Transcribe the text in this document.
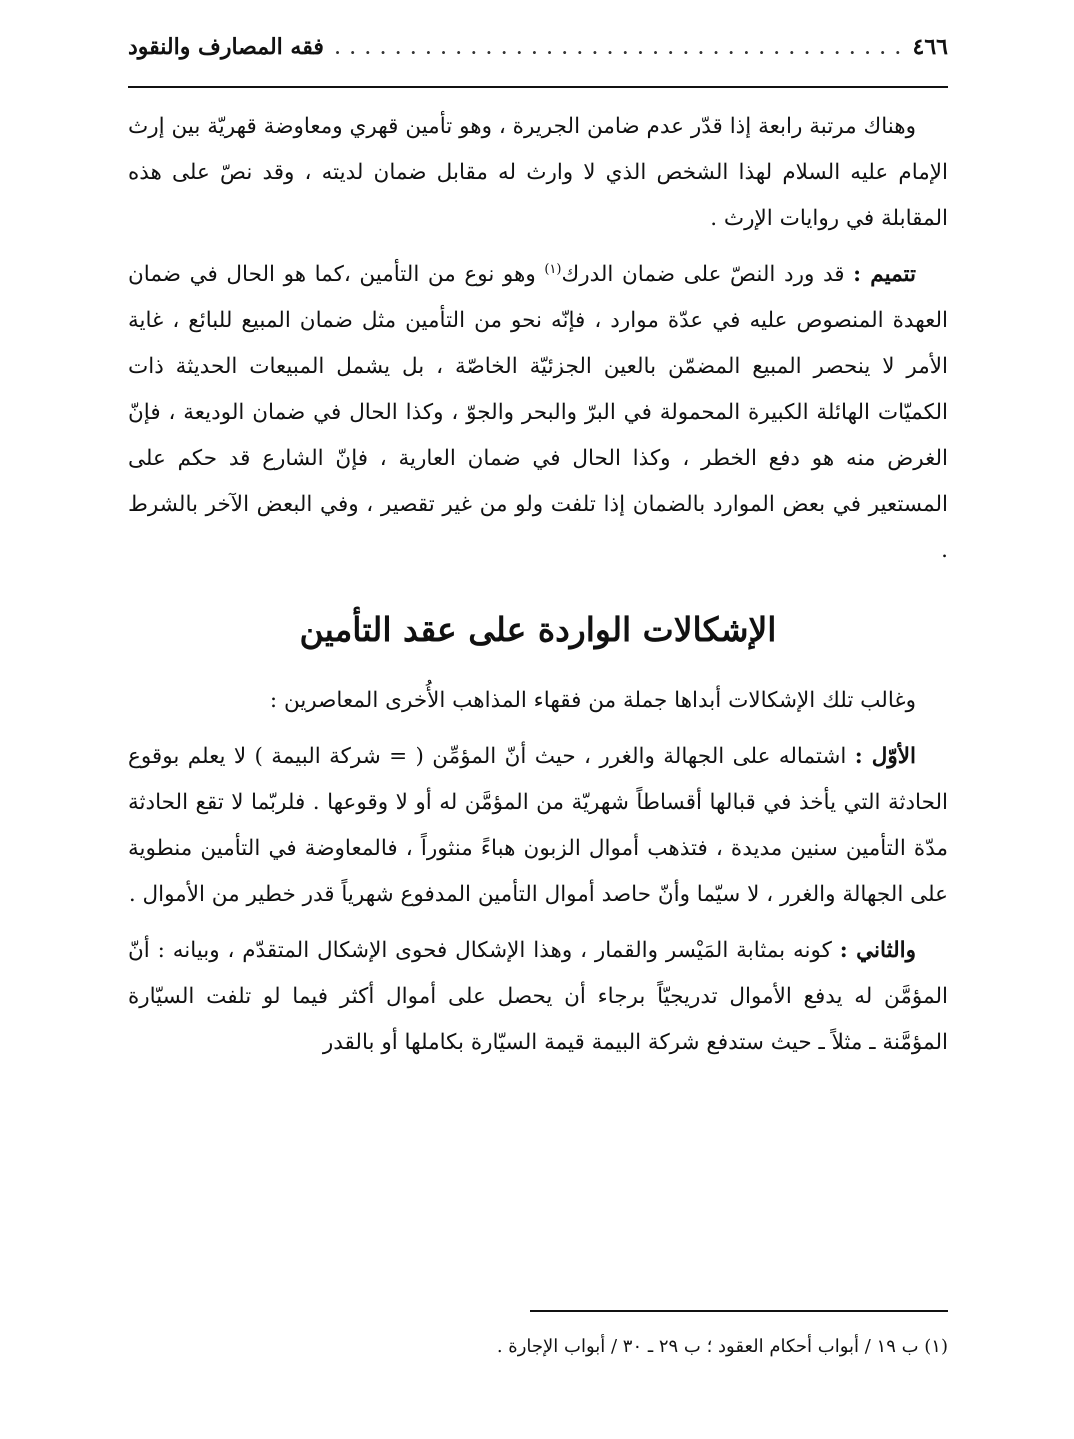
٤٦٦
. . .
فقه المصارف والنقود

وهناك مرتبة رابعة إذا قدّر عدم ضامن الجريرة ، وهو تأمين قهري ومعاوضة قهريّة بين إرث الإمام عليه السلام لهذا الشخص الذي لا وارث له مقابل ضمان لديته ، وقد نصّ على هذه المقابلة في روايات الإرث .

تتميم : قد ورد النصّ على ضمان الدرك$^{(١)}$ وهو نوع من التأمين ،كما هو الحال في ضمان العهدة المنصوص عليه في عدّة موارد ، فإنّه نحو من التأمين مثل ضمان المبيع للبائع ، غاية الأمر لا ينحصر المبيع المضمّن بالعين الجزئيّة الخاصّة ، بل يشمل المبيعات الحديثة ذات الكميّات الهائلة الكبيرة المحمولة في البرّ والبحر والجوّ ، وكذا الحال في ضمان الوديعة ، فإنّ الغرض منه هو دفع الخطر ، وكذا الحال في ضمان العارية ، فإنّ الشارع قد حكم على المستعير في بعض الموارد بالضمان إذا تلفت ولو من غير تقصير ، وفي البعض الآخر بالشرط .

الإشكالات الواردة على عقد التأمين

وغالب تلك الإشكالات أبداها جملة من فقهاء المذاهب الأُخرى المعاصرين :

الأوّل : اشتماله على الجهالة والغرر ، حيث أنّ المؤمِّن ( = شركة البيمة ) لا يعلم بوقوع الحادثة التي يأخذ في قبالها أقساطاً شهريّة من المؤمَّن له أو لا وقوعها . فلربّما لا تقع الحادثة مدّة التأمين سنين مديدة ، فتذهب أموال الزبون هباءً منثوراً ، فالمعاوضة في التأمين منطوية على الجهالة والغرر ، لا سيّما وأنّ حاصد أموال التأمين المدفوع شهرياً قدر خطير من الأموال .

والثاني : كونه بمثابة المَيْسر والقمار ، وهذا الإشكال فحوى الإشكال المتقدّم ، وبيانه : أنّ المؤمَّن له يدفع الأموال تدريجيّاً برجاء أن يحصل على أموال أكثر فيما لو تلفت السيّارة المؤمَّنة ـ مثلاً ـ حيث ستدفع شركة البيمة قيمة السيّارة بكاملها أو بالقدر

(١) ب ١٩ / أبواب أحكام العقود ؛ ب ٢٩ ـ ٣٠ / أبواب الإجارة .
